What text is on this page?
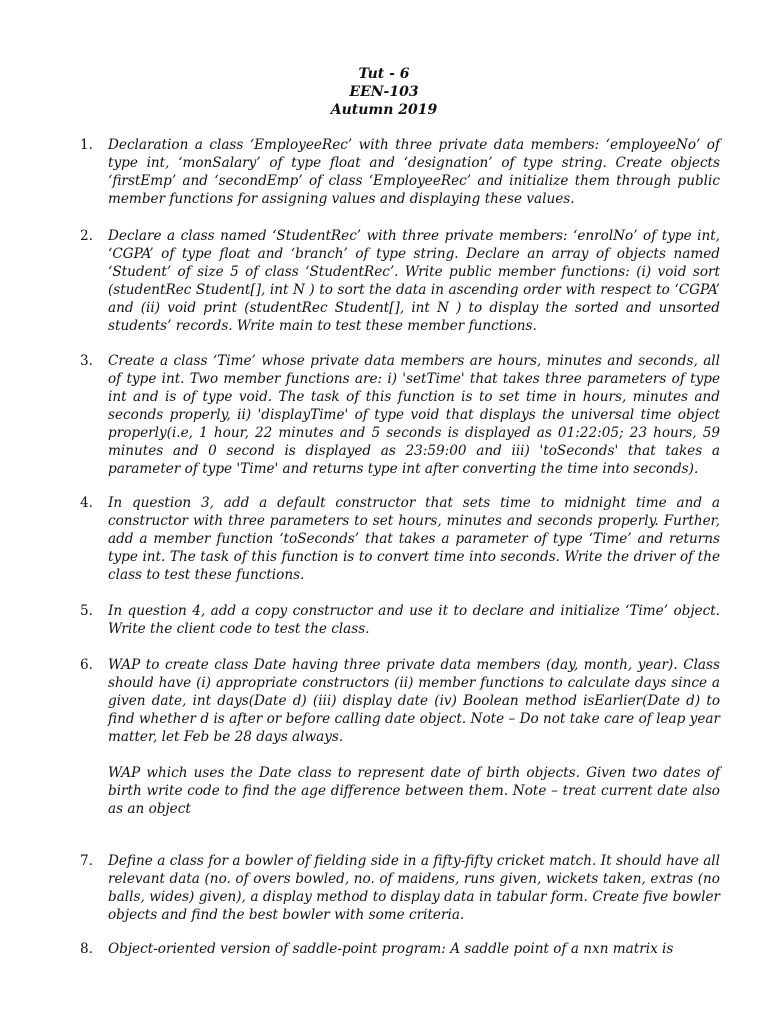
Tut - 6
EEN-103
Autumn 2019
1.	Declaration a class ‘EmployeeRec’ with three private data members: ‘employeeNo’ of type int, ‘monSalary’ of type float and ‘designation’ of type string. Create objects ‘firstEmp’ and ‘secondEmp’ of class ‘EmployeeRec’ and initialize them through public member functions for assigning values and displaying these values.
2.	Declare a class named ‘StudentRec’ with three private members: ‘enrolNo’ of type int, ‘CGPA’ of type float and ‘branch’ of type string. Declare an array of objects named ‘Student’ of size 5 of class ‘StudentRec’. Write public member functions: (i) void sort (studentRec Student[], int N ) to sort the data in ascending order with respect to ‘CGPA’ and (ii) void print (studentRec Student[], int N ) to display the sorted and unsorted students’ records. Write main to test these member functions.
3.	Create a class ‘Time’ whose private data members are hours, minutes and seconds, all of type int. Two member functions are: i) 'setTime' that takes three parameters of type int and is of type void. The task of this function is to set time in hours, minutes and seconds properly, ii) 'displayTime' of type void that displays the universal time object properly(i.e, 1 hour, 22 minutes and 5 seconds is displayed as 01:22:05; 23 hours, 59 minutes and 0 second is displayed as 23:59:00 and iii) 'toSeconds' that takes a parameter of type 'Time' and returns type int after converting the time into seconds).
4.	In question 3, add a default constructor that sets time to midnight time and a constructor with three parameters to set hours, minutes and seconds properly. Further, add a member function ‘toSeconds’ that takes a parameter of type ‘Time’ and returns type int. The task of this function is to convert time into seconds. Write the driver of the class to test these functions.
5.	In question 4, add a copy constructor and use it to declare and initialize ‘Time’ object. Write the client code to test the class.
6.	WAP to create class Date having three private data members (day, month, year). Class should have (i) appropriate constructors (ii) member functions to calculate days since a given date, int days(Date d) (iii) display date (iv) Boolean method isEarlier(Date d) to find whether d is after or before calling date object. Note – Do not take care of leap year matter, let Feb be 28 days always.
WAP which uses the Date class to represent date of birth objects. Given two dates of birth write code to find the age difference between them. Note – treat current date also as an object
7.	Define a class for a bowler of fielding side in a fifty-fifty cricket match. It should have all relevant data (no. of overs bowled, no. of maidens, runs given, wickets taken, extras (no balls, wides) given), a display method to display data in tabular form. Create five bowler objects and find the best bowler with some criteria.
8.	Object-oriented version of saddle-point program: A saddle point of a nxn matrix is
